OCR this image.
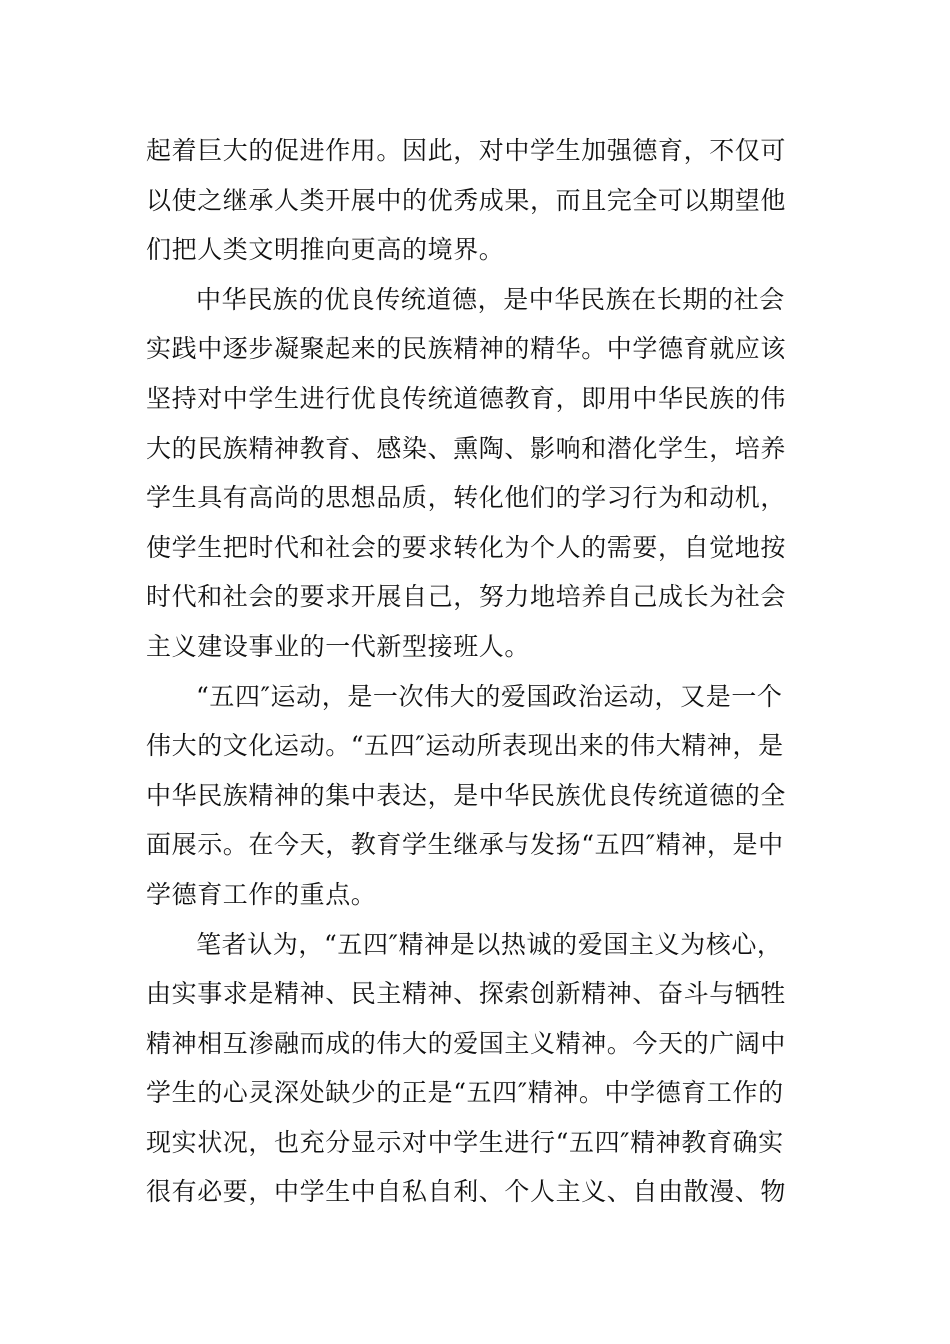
起着巨大的促进作用。因此，对中学生加强德育，不仅可
以使之继承人类开展中的优秀成果，而且完全可以期望他
们把人类文明推向更高的境界。
中华民族的优良传统道德，是中华民族在长期的社会
实践中逐步凝聚起来的民族精神的精华。中学德育就应该
坚持对中学生进行优良传统道德教育，即用中华民族的伟
大的民族精神教育、感染、熏陶、影响和潜化学生，培养
学生具有高尚的思想品质，转化他们的学习行为和动机，
使学生把时代和社会的要求转化为个人的需要，自觉地按
时代和社会的要求开展自己，努力地培养自己成长为社会
主义建设事业的一代新型接班人。
“五四″运动，是一次伟大的爱国政治运动，又是一个
伟大的文化运动。“五四″运动所表现出来的伟大精神，是
中华民族精神的集中表达，是中华民族优良传统道德的全
面展示。在今天，教育学生继承与发扬“五四″精神，是中
学德育工作的重点。
笔者认为，“五四″精神是以热诚的爱国主义为核心，
由实事求是精神、民主精神、探索创新精神、奋斗与牺牲
精神相互渗融而成的伟大的爱国主义精神。今天的广阔中
学生的心灵深处缺少的正是“五四″精神。中学德育工作的
现实状况，也充分显示对中学生进行“五四″精神教育确实
很有必要，中学生中自私自利、个人主义、自由散漫、物
